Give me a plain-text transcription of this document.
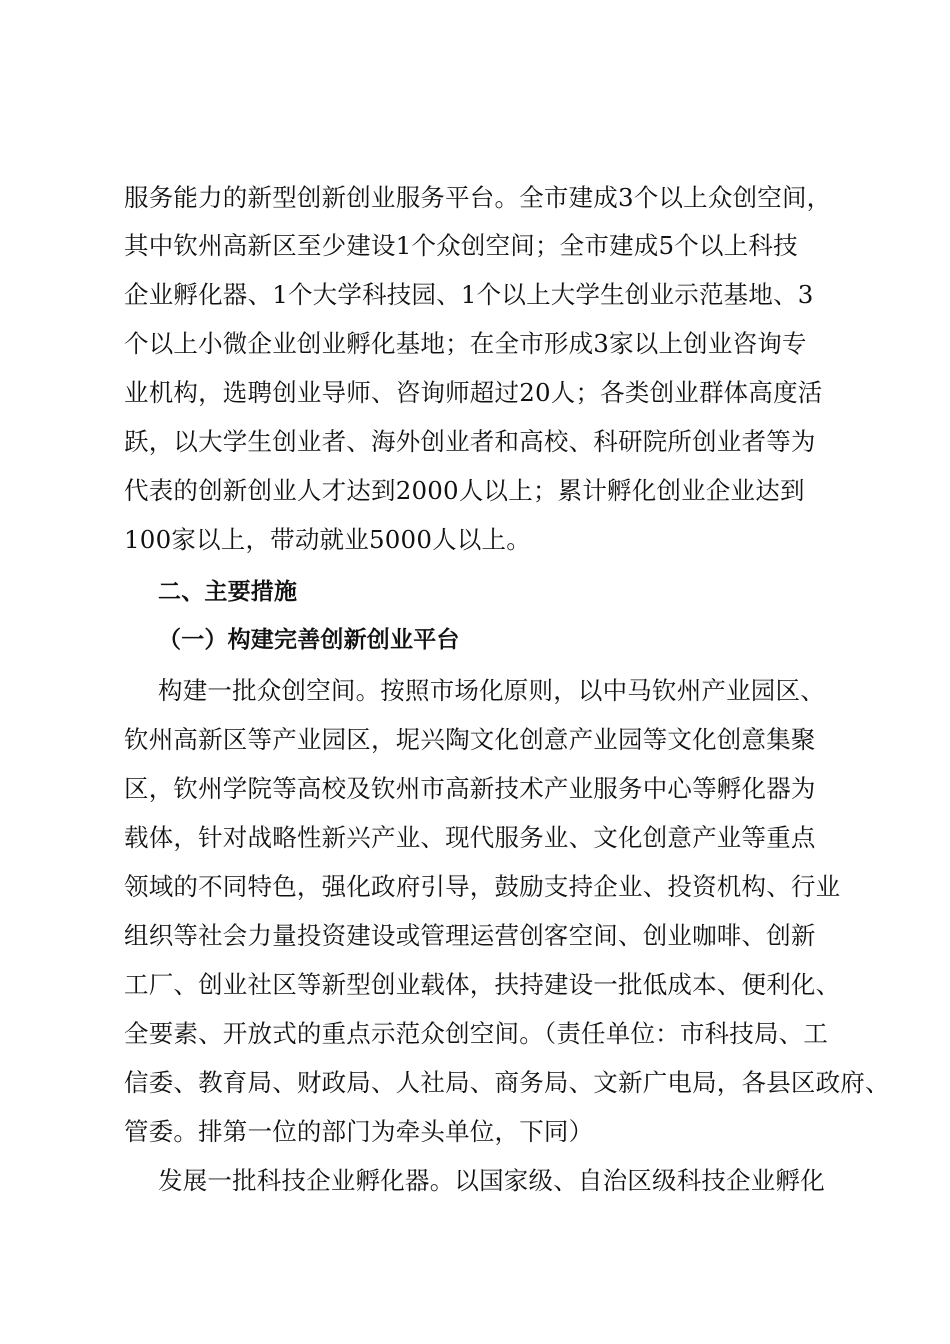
服务能力的新型创新创业服务平台。全市建成3个以上众创空间，
其中钦州高新区至少建设1个众创空间；全市建成5个以上科技
企业孵化器、1个大学科技园、1个以上大学生创业示范基地、3
个以上小微企业创业孵化基地；在全市形成3家以上创业咨询专
业机构，选聘创业导师、咨询师超过20人；各类创业群体高度活
跃，以大学生创业者、海外创业者和高校、科研院所创业者等为
代表的创新创业人才达到2000人以上；累计孵化创业企业达到
100家以上，带动就业5000人以上。
二、主要措施
（一）构建完善创新创业平台
构建一批众创空间。按照市场化原则，以中马钦州产业园区、
钦州高新区等产业园区，坭兴陶文化创意产业园等文化创意集聚
区，钦州学院等高校及钦州市高新技术产业服务中心等孵化器为
载体，针对战略性新兴产业、现代服务业、文化创意产业等重点
领域的不同特色，强化政府引导，鼓励支持企业、投资机构、行业
组织等社会力量投资建设或管理运营创客空间、创业咖啡、创新
工厂、创业社区等新型创业载体，扶持建设一批低成本、便利化、
全要素、开放式的重点示范众创空间。（责任单位：市科技局、工
信委、教育局、财政局、人社局、商务局、文新广电局，各县区政府、
管委。排第一位的部门为牵头单位，下同）
发展一批科技企业孵化器。以国家级、自治区级科技企业孵化
